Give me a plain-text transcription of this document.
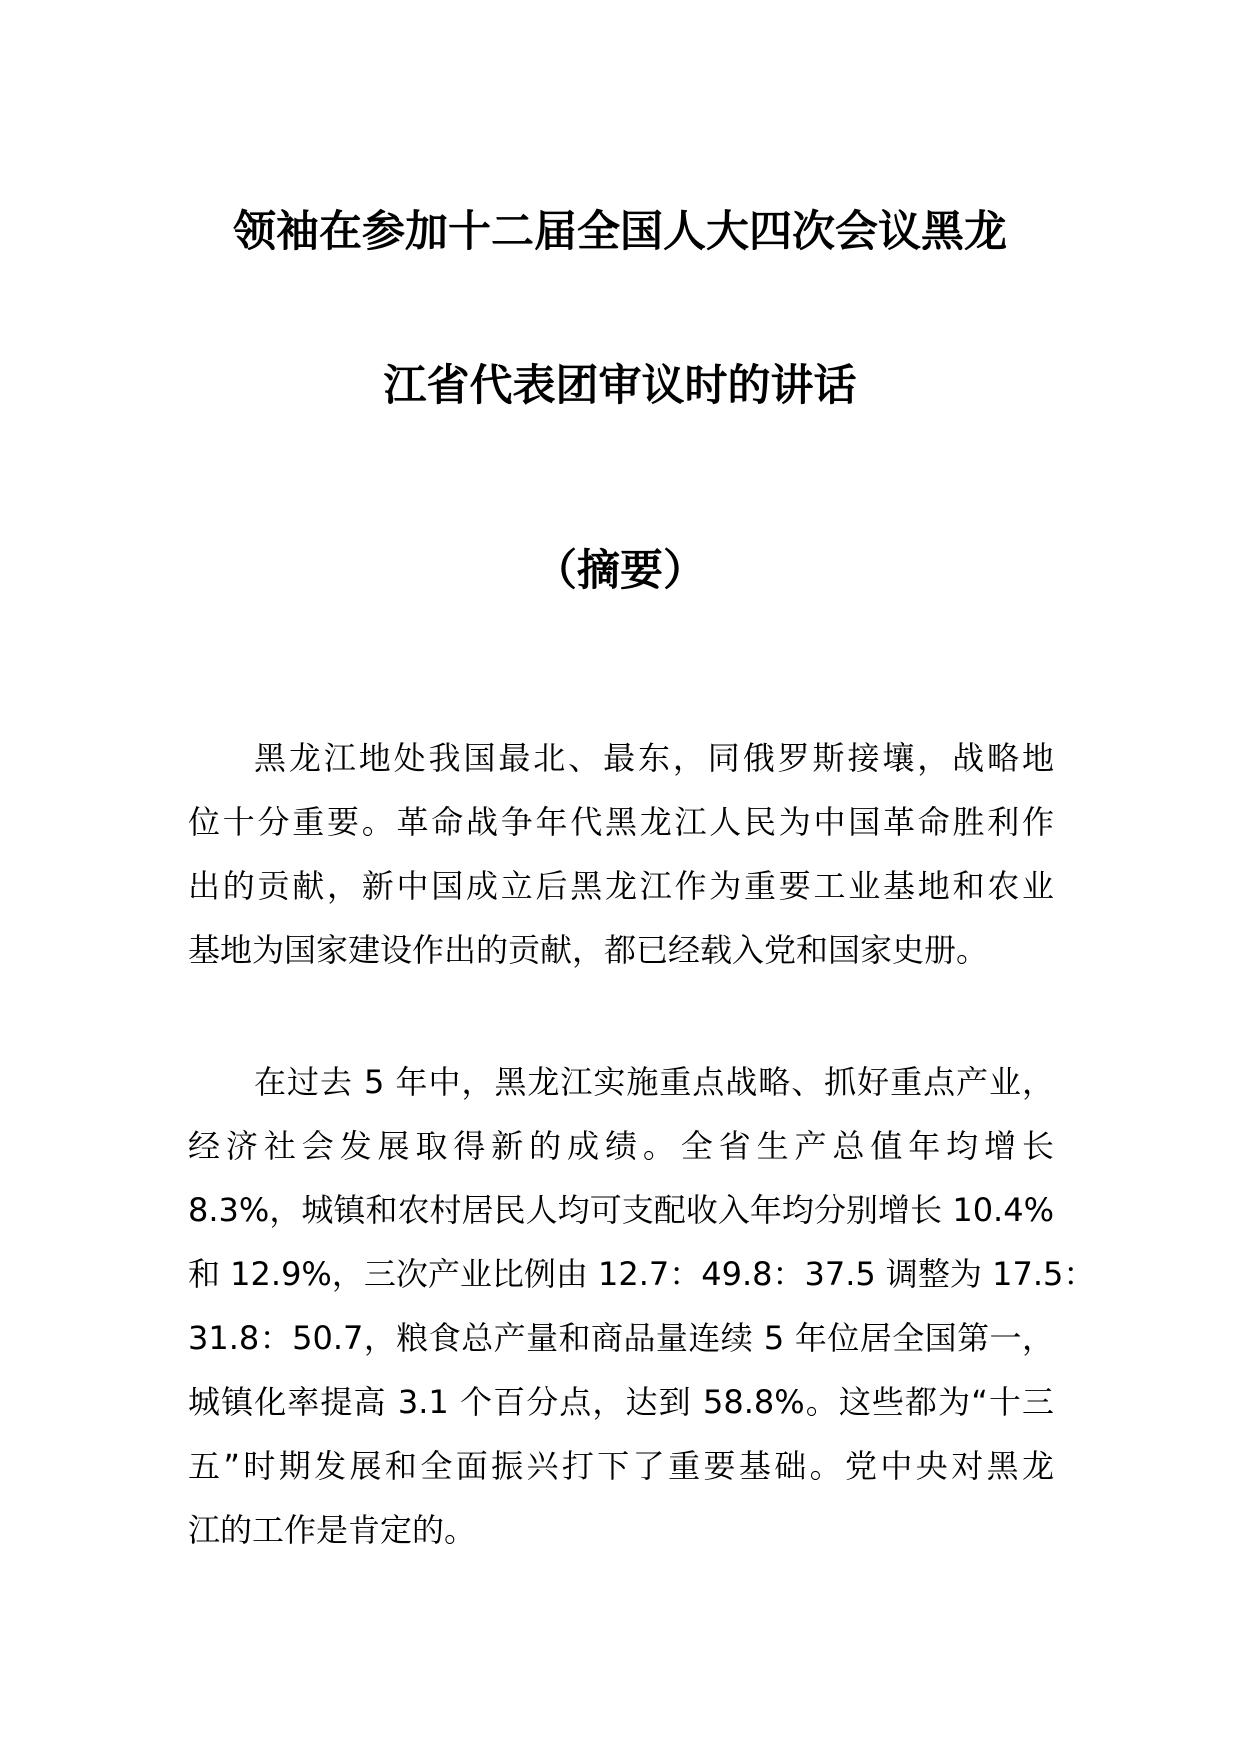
领袖在参加十二届全国人大四次会议黑龙
江省代表团审议时的讲话
（摘要）
黑龙江地处我国最北、最东，同俄罗斯接壤，战略地
位十分重要。革命战争年代黑龙江人民为中国革命胜利作
出的贡献，新中国成立后黑龙江作为重要工业基地和农业
基地为国家建设作出的贡献，都已经载入党和国家史册。
在过去 5 年中，黑龙江实施重点战略、抓好重点产业，
经济社会发展取得新的成绩。全省生产总值年均增长
8.3%，城镇和农村居民人均可支配收入年均分别增长 10.4%
和 12.9%，三次产业比例由 12.7：49.8：37.5 调整为 17.5：
31.8：50.7，粮食总产量和商品量连续 5 年位居全国第一，
城镇化率提高 3.1 个百分点，达到 58.8%。这些都为“十三
五”时期发展和全面振兴打下了重要基础。党中央对黑龙
江的工作是肯定的。
